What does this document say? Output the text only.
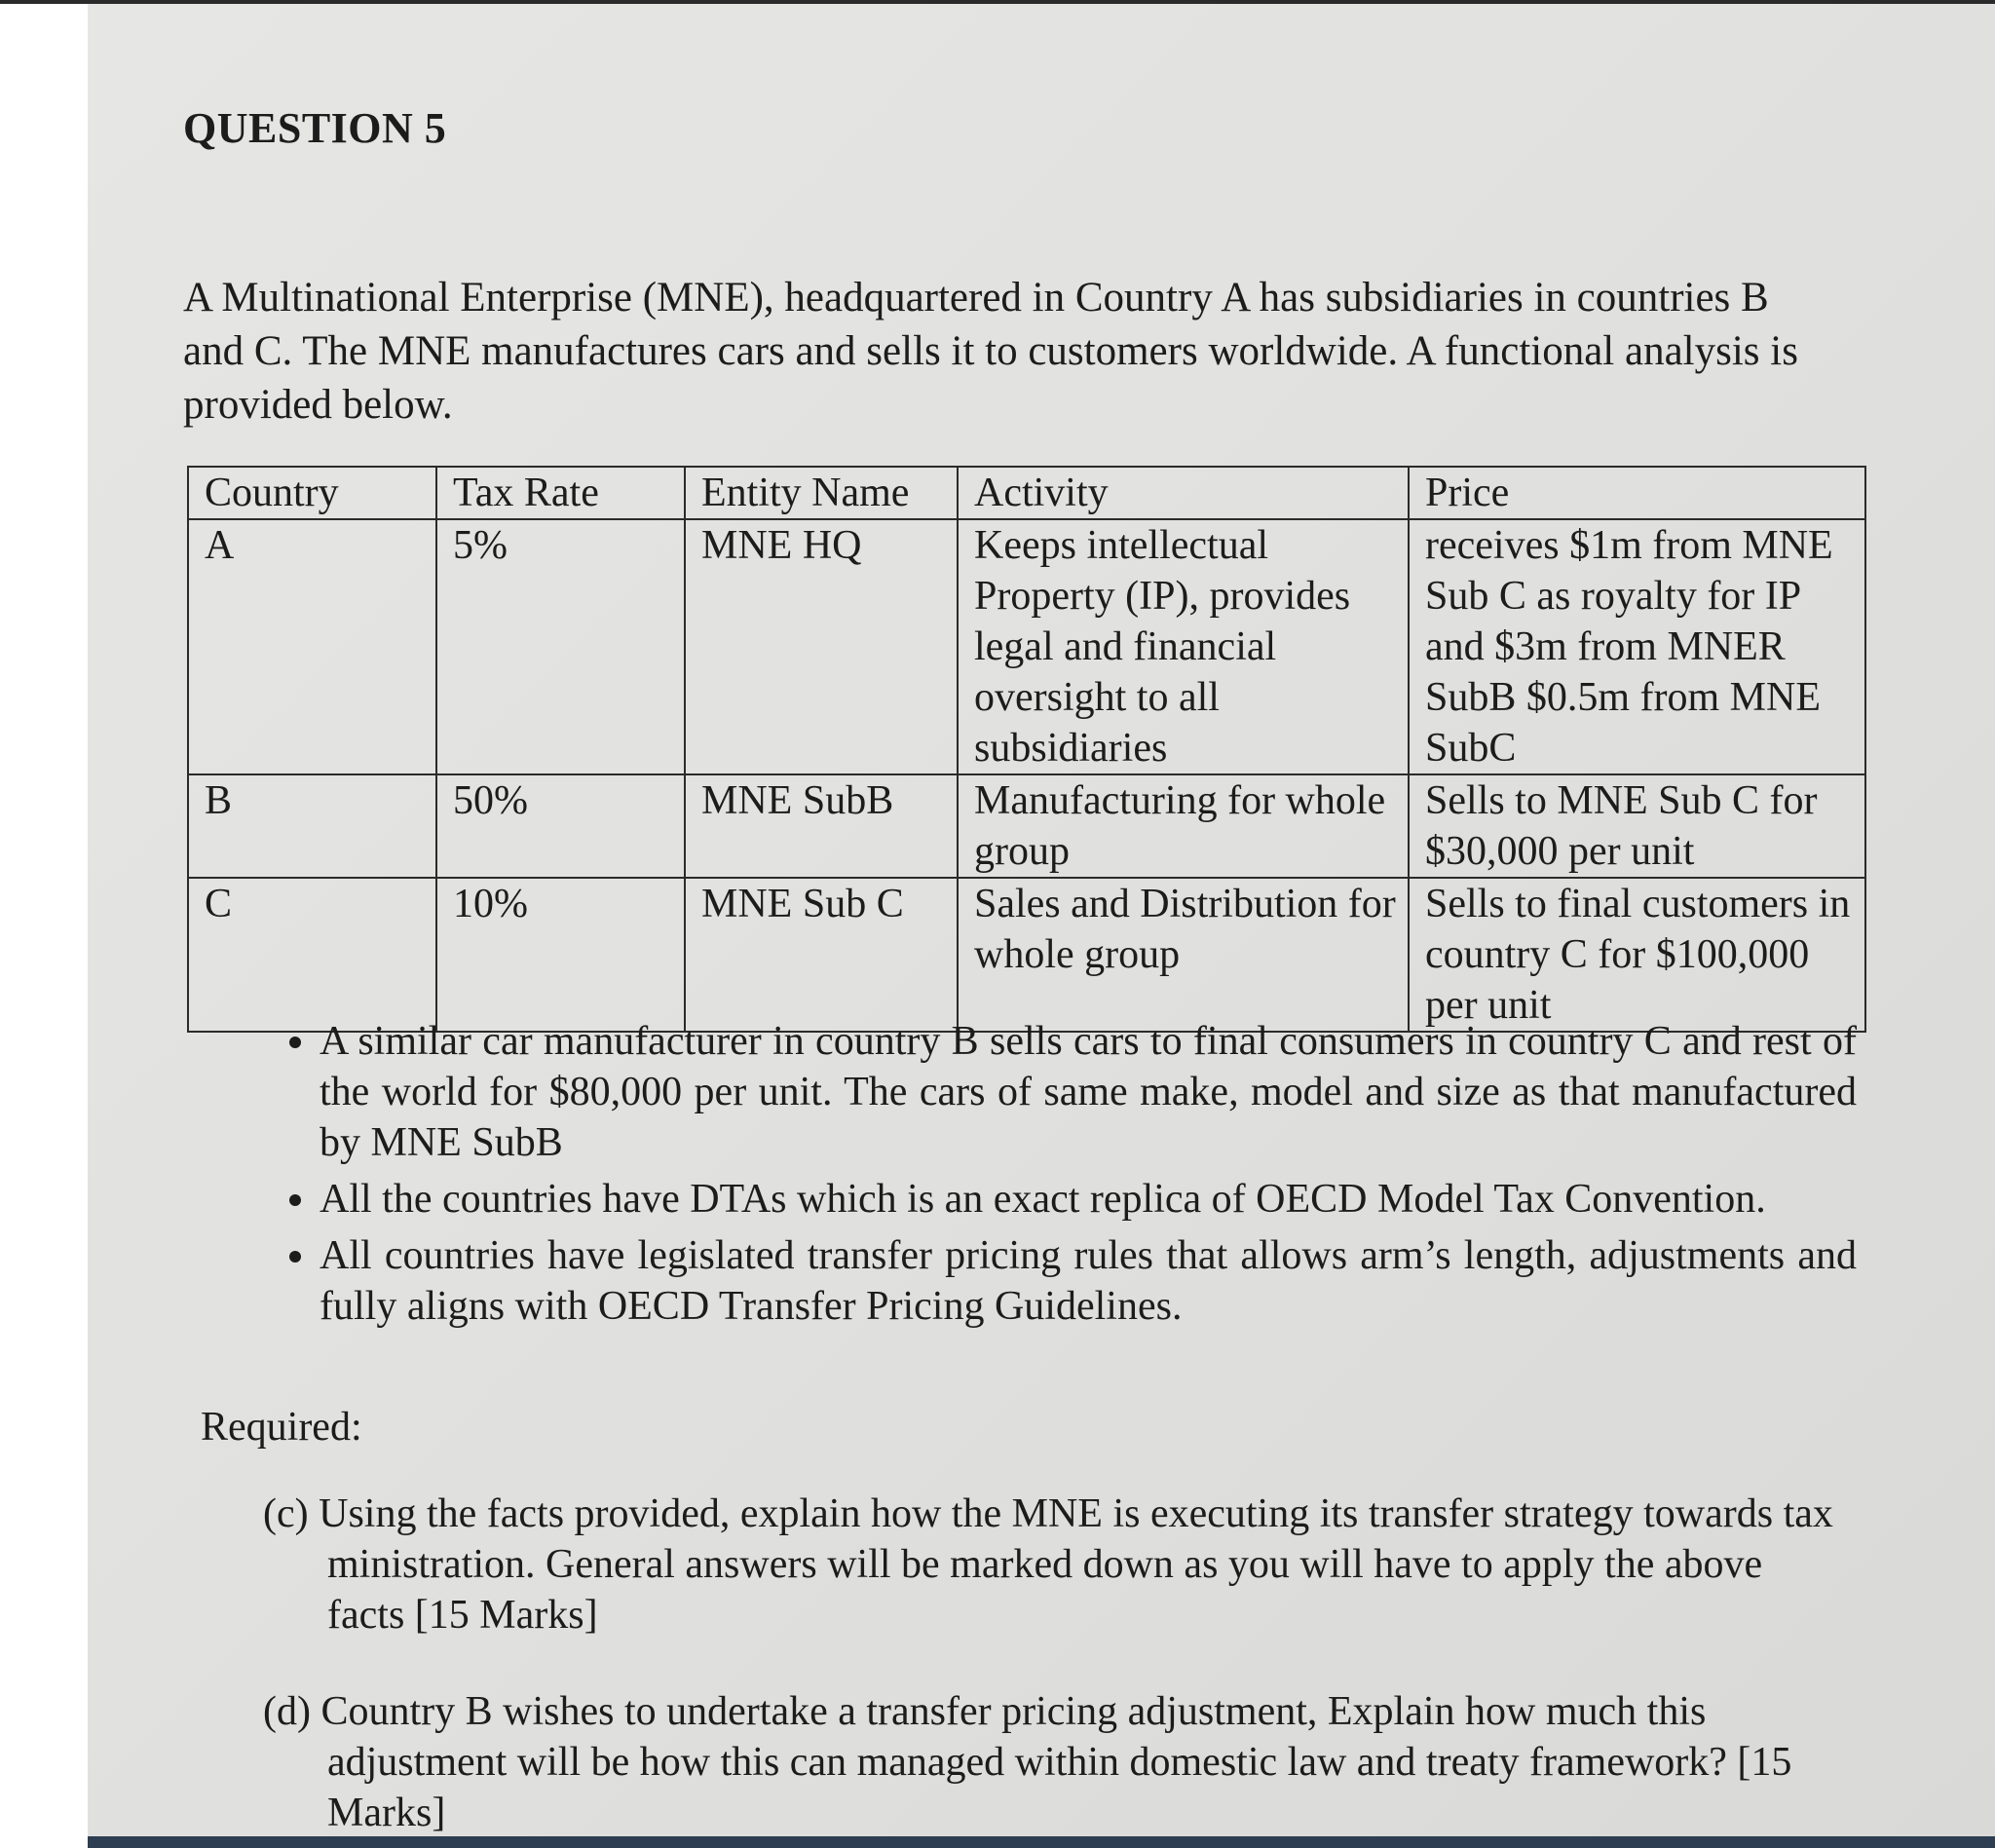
QUESTION 5

A Multinational Enterprise (MNE), headquartered in Country A has subsidiaries in countries B and C. The MNE manufactures cars and sells it to customers worldwide. A functional analysis is provided below.

Country	Tax Rate	Entity Name	Activity	Price
A	5%	MNE HQ	Keeps intellectual Property (IP), provides legal and financial oversight to all subsidiaries	receives $1m from MNE Sub C as royalty for IP and $3m from MNER SubB $0.5m from MNE SubC
B	50%	MNE SubB	Manufacturing for whole group	Sells to MNE Sub C for $30,000 per unit
C	10%	MNE Sub C	Sales and Distribution for whole group	Sells to final customers in country C for $100,000 per unit
• A similar car manufacturer in country B sells cars to final consumers in country C and rest of the world for $80,000 per unit. The cars of same make, model and size as that manufactured by MNE SubB
• All the countries have DTAs which is an exact replica of OECD Model Tax Convention.
• All countries have legislated transfer pricing rules that allows arm’s length, adjustments and fully aligns with OECD Transfer Pricing Guidelines.
Required:
(c) Using the facts provided, explain how the MNE is executing its transfer strategy towards tax ministration. General answers will be marked down as you will have to apply the above facts [15 Marks]
(d) Country B wishes to undertake a transfer pricing adjustment, Explain how much this adjustment will be how this can managed within domestic law and treaty framework? [15 Marks]
